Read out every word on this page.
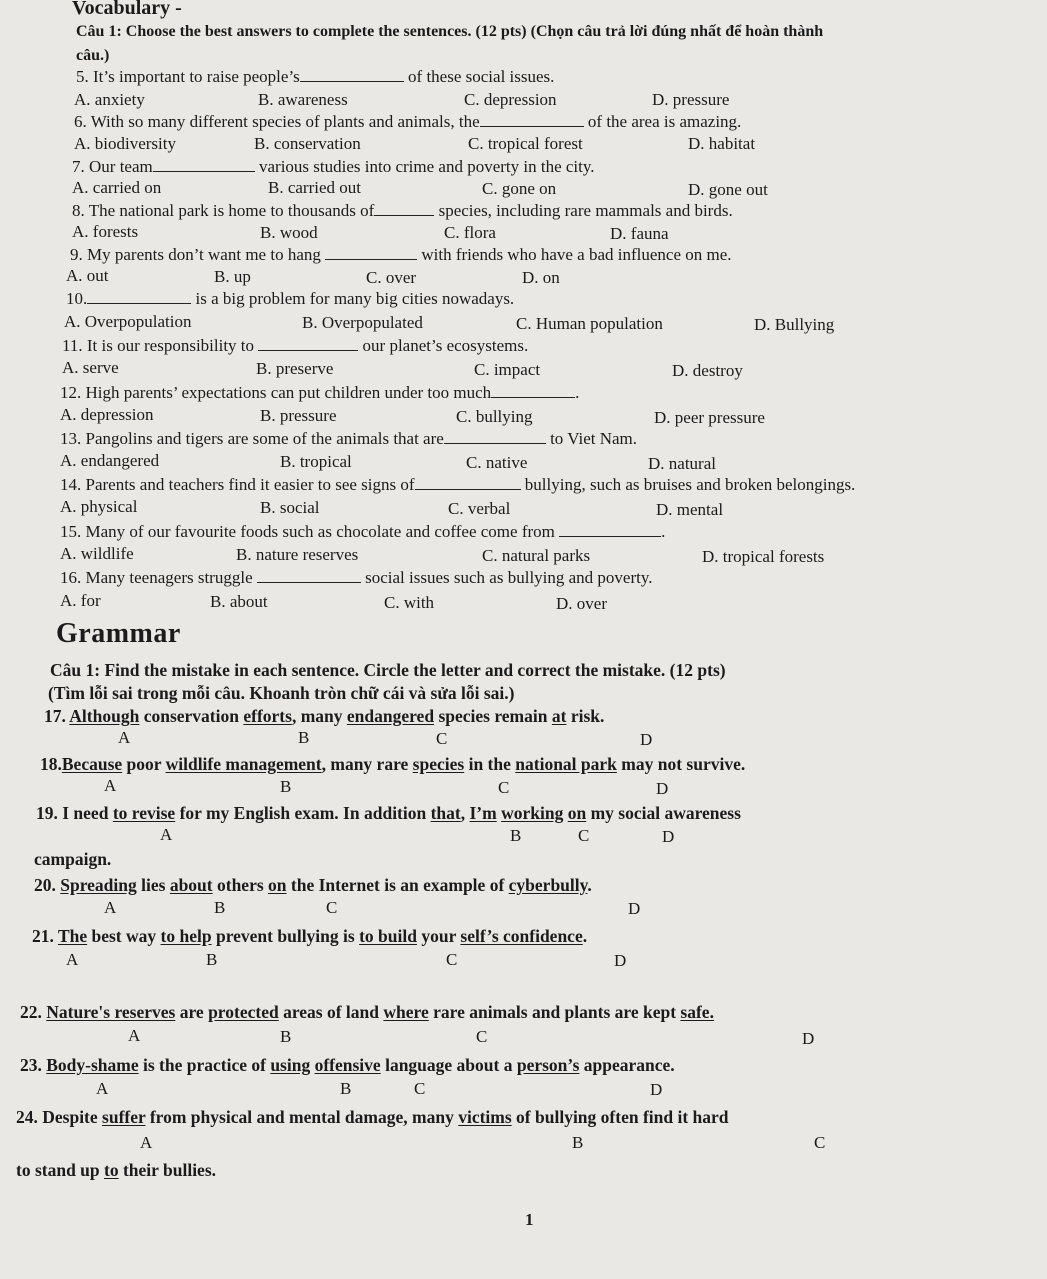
Vocabulary -
Câu 1: Choose the best answers to complete the sentences. (12 pts) (Chọn câu trả lời đúng nhất để hoàn thành
câu.)
5. It’s important to raise people’s	of these social issues.
A. anxiety	B. awareness	C. depression	D. pressure
6. With so many different species of plants and animals, the	of the area is amazing.
A. biodiversity	B. conservation	C. tropical forest	D. habitat
7. Our team	various studies into crime and poverty in the city.
A. carried on	B. carried out	C. gone on	D. gone out
8. The national park is home to thousands of	species, including rare mammals and birds.
A. forests	B. wood	C. flora	D. fauna
9. My parents don’t want me to hang	with friends who have a bad influence on me.
A. out	B. up	C. over	D. on
10.	is a big problem for many big cities nowadays.
A. Overpopulation	B. Overpopulated	C. Human population	D. Bullying
11. It is our responsibility to	our planet’s ecosystems.
A. serve	B. preserve	C. impact	D. destroy
12. High parents’ expectations can put children under too much	.
A. depression	B. pressure	C. bullying	D. peer pressure
13. Pangolins and tigers are some of the animals that are	to Viet Nam.
A. endangered	B. tropical	C. native	D. natural
14. Parents and teachers find it easier to see signs of	bullying, such as bruises and broken belongings.
A. physical	B. social	C. verbal	D. mental
15. Many of our favourite foods such as chocolate and coffee come from	.
A. wildlife	B. nature reserves	C. natural parks	D. tropical forests
16. Many teenagers struggle	social issues such as bullying and poverty.
A. for	B. about	C. with	D. over
Grammar
Câu 1: Find the mistake in each sentence. Circle the letter and correct the mistake. (12 pts)
(Tìm lỗi sai trong mỗi câu. Khoanh tròn chữ cái và sửa lỗi sai.)
17. Although conservation efforts, many endangered species remain at risk.
A	B	C	D
18.Because poor wildlife management, many rare species in the national park may not survive.
A	B	C	D
19. I need to revise for my English exam. In addition that, I’m working on my social awareness
A	B	C	D
campaign.
20. Spreading lies about others on the Internet is an example of cyberbully.
A	B	C	D
21. The best way to help prevent bullying is to build your self’s confidence.
A	B	C	D
22. Nature's reserves are protected areas of land where rare animals and plants are kept safe.
A	B	C	D
23. Body-shame is the practice of using offensive language about a person’s appearance.
A	B	C	D
24. Despite suffer from physical and mental damage, many victims of bullying often find it hard
A	B	C
to stand up to their bullies.
1
